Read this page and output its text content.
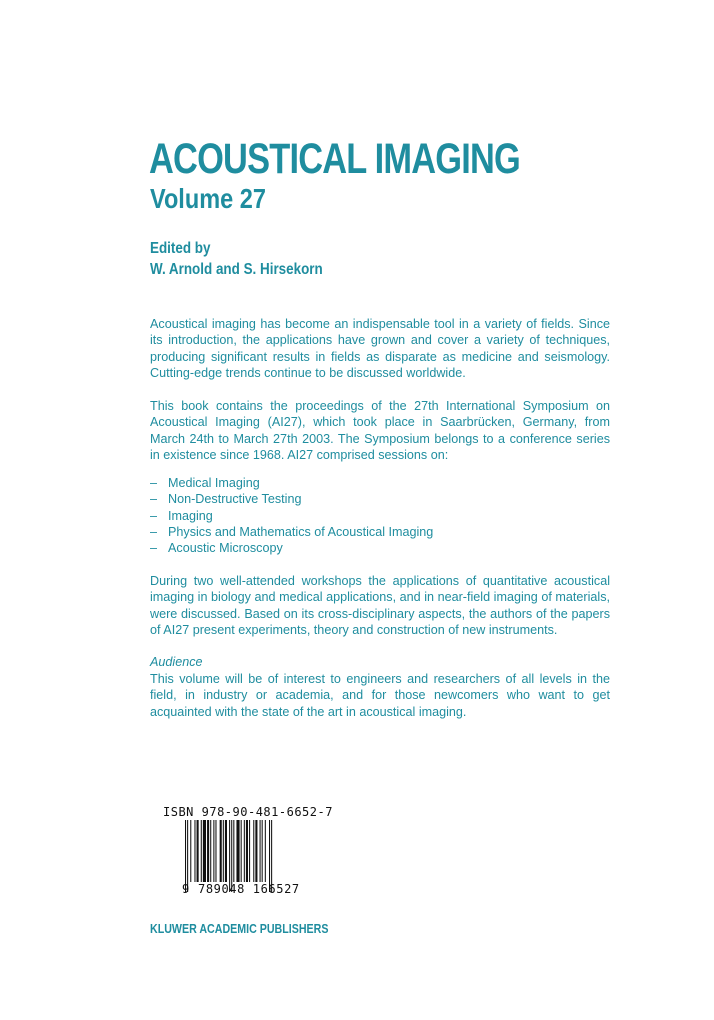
ACOUSTICAL IMAGING
Volume 27
Edited by
W. Arnold and S. Hirsekorn

Acoustical imaging has become an indispensable tool in a variety of fields. Since its introduction, the applications have grown and cover a variety of techniques, producing significant results in fields as disparate as medicine and seismology. Cutting-edge trends continue to be discussed worldwide.

This book contains the proceedings of the 27th International Symposium on Acoustical Imaging (AI27), which took place in Saarbrücken, Germany, from March 24th to March 27th 2003. The Symposium belongs to a conference series in existence since 1968. AI27 comprised sessions on:

– Medical Imaging
– Non-Destructive Testing
– Imaging
– Physics and Mathematics of Acoustical Imaging
– Acoustic Microscopy

During two well-attended workshops the applications of quantitative acoustical imaging in biology and medical applications, and in near-field imaging of materials, were discussed. Based on its cross-disciplinary aspects, the authors of the papers of AI27 present experiments, theory and construction of new instruments.

Audience

This volume will be of interest to engineers and researchers of all levels in the field, in industry or academia, and for those newcomers who want to get acquainted with the state of the art in acoustical imaging.

ISBN 978-90-481-6652-7
9 789048 166527
KLUWER ACADEMIC PUBLISHERS
